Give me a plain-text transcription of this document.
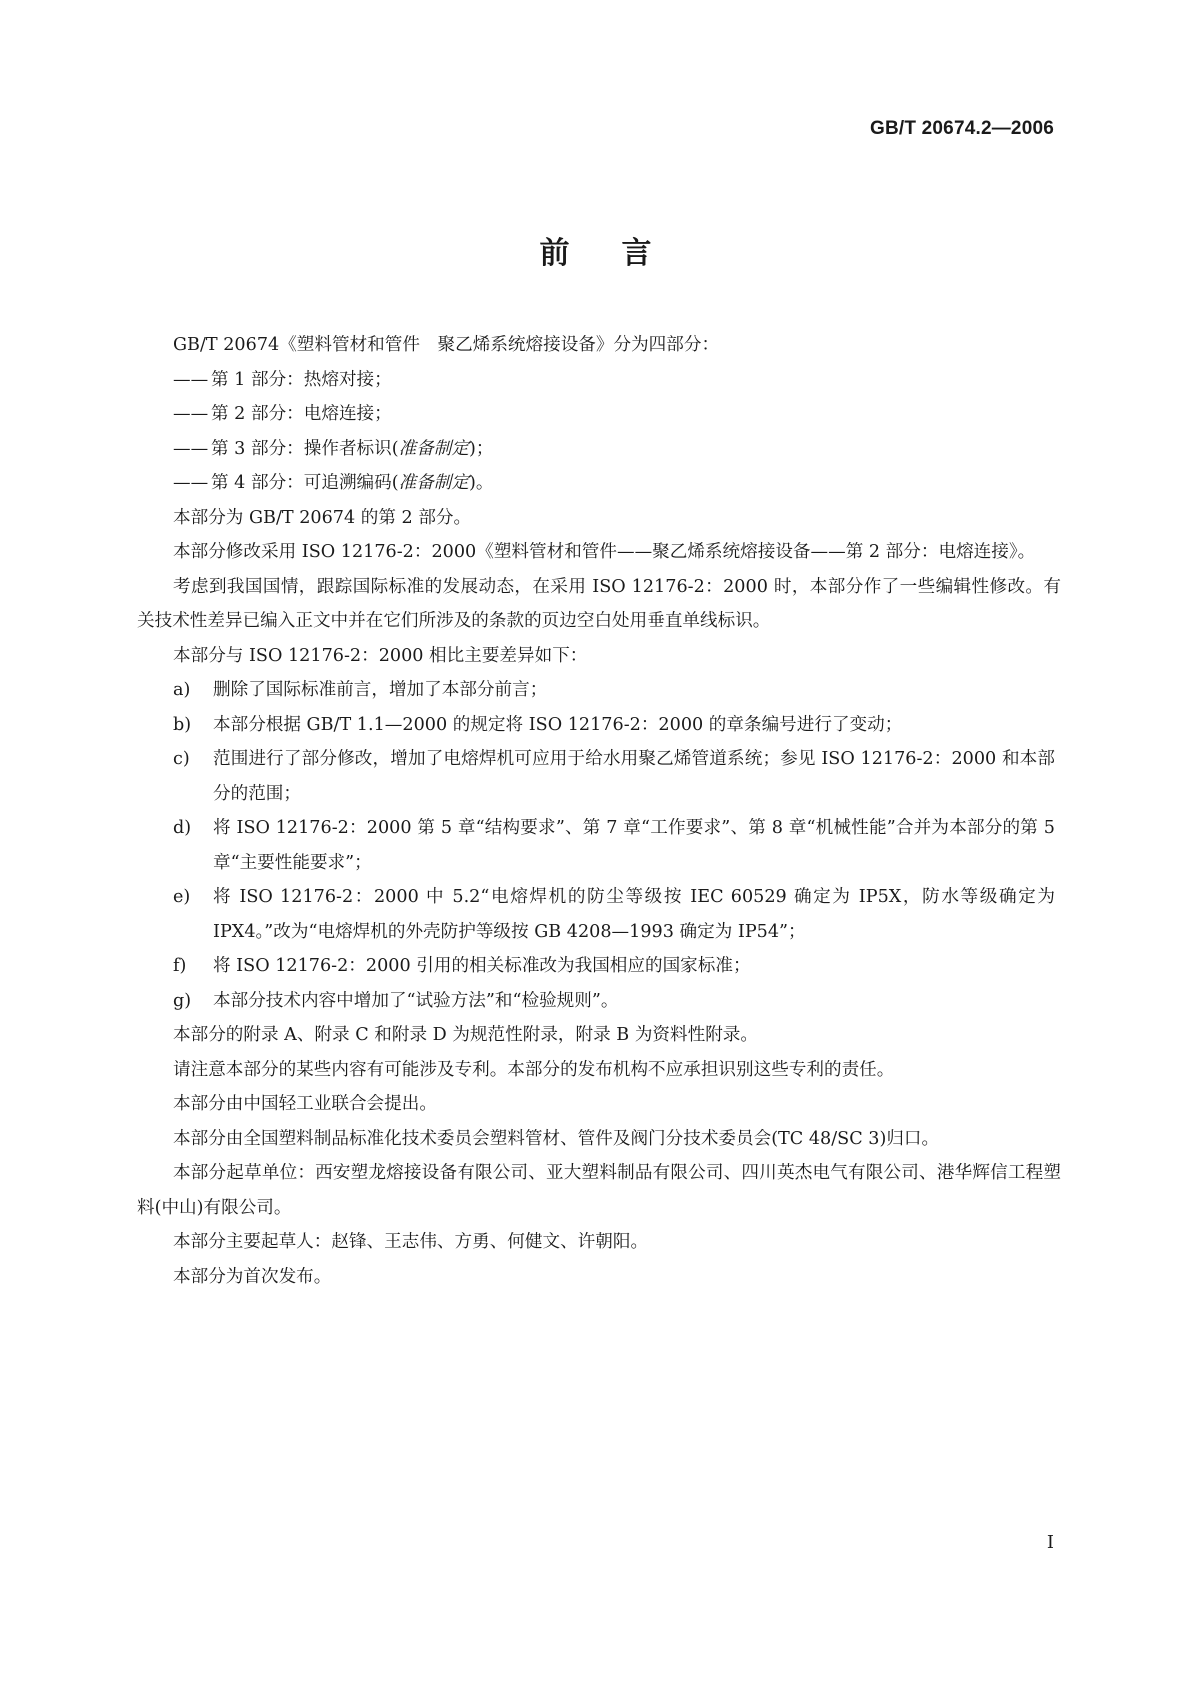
GB/T 20674.2—2006
前言

GB/T 20674《塑料管材和管件　聚乙烯系统熔接设备》分为四部分：

—— 第 1 部分：热熔对接；

—— 第 2 部分：电熔连接；

—— 第 3 部分：操作者标识(准备制定)；

—— 第 4 部分：可追溯编码(准备制定)。

本部分为 GB/T 20674 的第 2 部分。

本部分修改采用 ISO 12176-2：2000《塑料管材和管件——聚乙烯系统熔接设备——第 2 部分：电熔连接》。

考虑到我国国情，跟踪国际标准的发展动态，在采用 ISO 12176-2：2000 时，本部分作了一些编辑性修改。有关技术性差异已编入正文中并在它们所涉及的条款的页边空白处用垂直单线标识。

本部分与 ISO 12176-2：2000 相比主要差异如下：

a) 删除了国际标准前言，增加了本部分前言；

b) 本部分根据 GB/T 1.1—2000 的规定将 ISO 12176-2：2000 的章条编号进行了变动；

c) 范围进行了部分修改，增加了电熔焊机可应用于给水用聚乙烯管道系统；参见 ISO 12176-2：2000 和本部分的范围；

d) 将 ISO 12176-2：2000 第 5 章“结构要求”、第 7 章“工作要求”、第 8 章“机械性能”合并为本部分的第 5 章“主要性能要求”；

e) 将 ISO 12176-2：2000 中 5.2“电熔焊机的防尘等级按 IEC 60529 确定为 IP5X，防水等级确定为 IPX4。”改为“电熔焊机的外壳防护等级按 GB 4208—1993 确定为 IP54”；

f) 将 ISO 12176-2：2000 引用的相关标准改为我国相应的国家标准；

g) 本部分技术内容中增加了“试验方法”和“检验规则”。

本部分的附录 A、附录 C 和附录 D 为规范性附录，附录 B 为资料性附录。

请注意本部分的某些内容有可能涉及专利。本部分的发布机构不应承担识别这些专利的责任。

本部分由中国轻工业联合会提出。

本部分由全国塑料制品标准化技术委员会塑料管材、管件及阀门分技术委员会(TC 48/SC 3)归口。

本部分起草单位：西安塑龙熔接设备有限公司、亚大塑料制品有限公司、四川英杰电气有限公司、港华辉信工程塑料(中山)有限公司。

本部分主要起草人：赵锋、王志伟、方勇、何健文、许朝阳。

本部分为首次发布。

I
